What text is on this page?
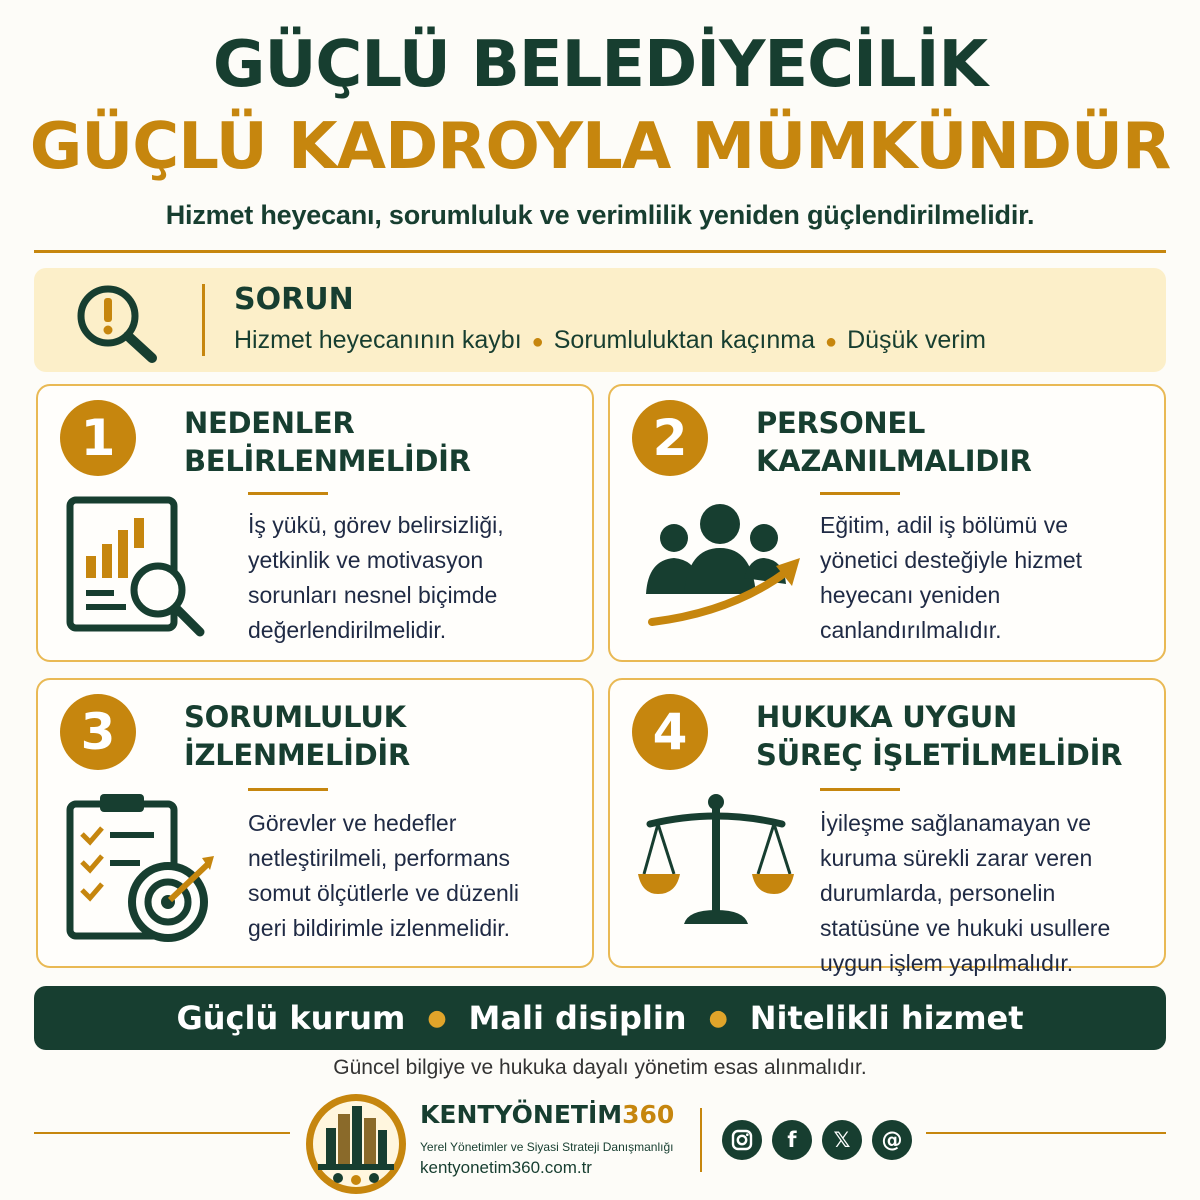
GÜÇLÜ BELEDİYECİLİK
GÜÇLÜ KADROYLA MÜMKÜNDÜR
Hizmet heyecanı, sorumluluk ve verimlilik yeniden güçlendirilmelidir.
SORUN
Hizmet heyecanının kaybı ● Sorumluluktan kaçınma ● Düşük verim
1	NEDENLER
BELİRLENMELİDİR
İş yükü, görev belirsizliği,
yetkinlik ve motivasyon
sorunları nesnel biçimde
değerlendirilmelidir.
2	PERSONEL
KAZANILMALIDIR
Eğitim, adil iş bölümü ve
yönetici desteğiyle hizmet
heyecanı yeniden
canlandırılmalıdır.
3	SORUMLULUK
İZLENMELİDİR
Görevler ve hedefler
netleştirilmeli, performans
somut ölçütlerle ve düzenli
geri bildirimle izlenmelidir.
4	HUKUKA UYGUN
SÜREÇ İŞLETİLMELİDİR
İyileşme sağlanamayan ve
kuruma sürekli zarar veren
durumlarda, personelin
statüsüne ve hukuki usullere
uygun işlem yapılmalıdır.
Güçlü kurum ● Mali disiplin ● Nitelikli hizmet
Güncel bilgiye ve hukuka dayalı yönetim esas alınmalıdır.
KENTYÖNETİM360
Yerel Yönetimler ve Siyasi Strateji Danışmanlığı
kentyonetim360.com.tr
f	𝕏	@
